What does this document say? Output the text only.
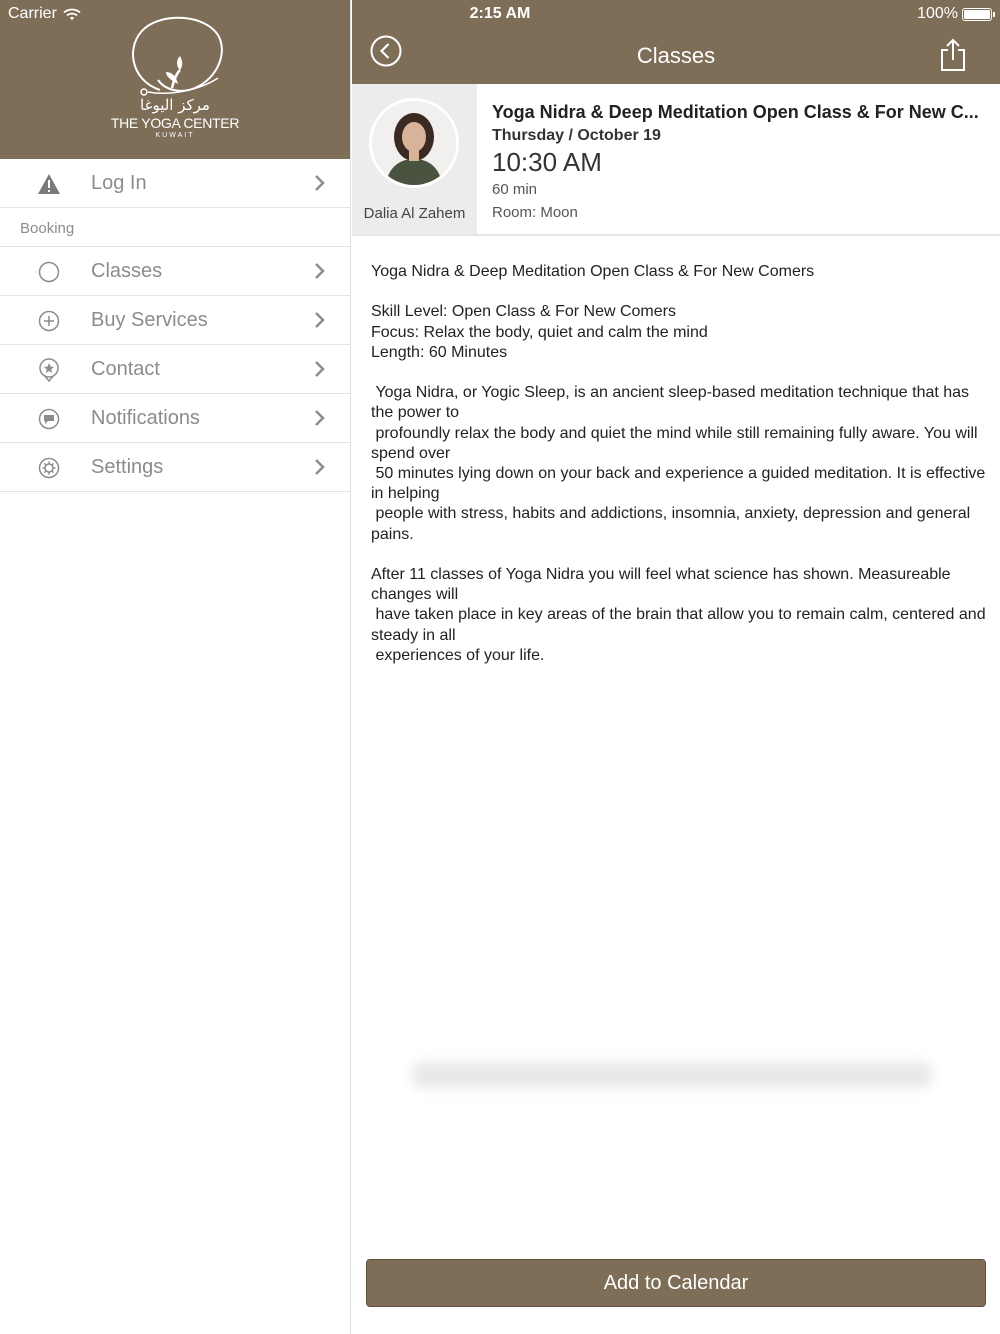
مركز اليوغا
THE YOGA CENTER
KUWAIT
Log In
Booking
Classes
Buy Services
Contact
Notifications
Settings
Classes
Dalia Al Zahem
Yoga Nidra & Deep Meditation Open Class & For New C...
Thursday / October 19
10:30 AM
60 min
Room: Moon
Yoga Nidra & Deep Meditation Open Class & For New Comers

Skill Level: Open Class & For New Comers
Focus: Relax the body, quiet and calm the mind
Length: 60 Minutes

Yoga Nidra, or Yogic Sleep, is an ancient sleep-based meditation technique that has the power to
profoundly relax the body and quiet the mind while still remaining fully aware. You will spend over
50 minutes lying down on your back and experience a guided meditation. It is effective in helping
people with stress, habits and addictions, insomnia, anxiety, depression and general pains.

After 11 classes of Yoga Nidra you will feel what science has shown. Measureable changes will
have taken place in key areas of the brain that allow you to remain calm, centered and steady in all
experiences of your life.
Add to Calendar
Carrier	2:15 AM	100%
